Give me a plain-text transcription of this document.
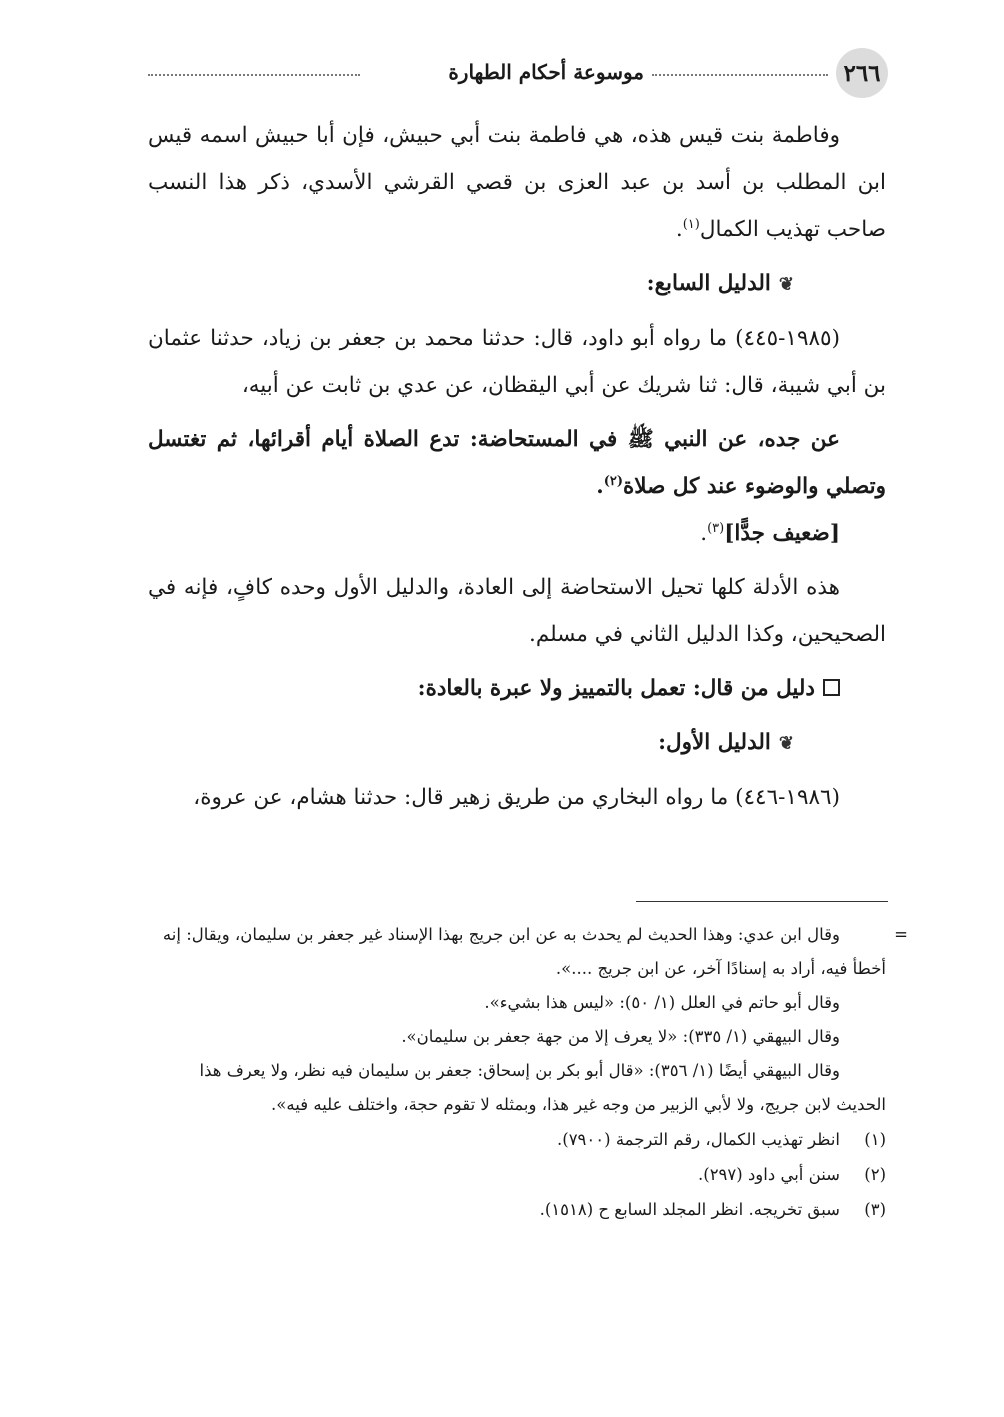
٢٦٦
موسوعة أحكام الطهارة

وفاطمة بنت قيس هذه، هي فاطمة بنت أبي حبيش، فإن أبا حبيش اسمه قيس ابن المطلب بن أسد بن عبد العزى بن قصي القرشي الأسدي، ذكر هذا النسب صاحب تهذيب الكمال$^{(١)}$.

❦الدليل السابع:

(١٩٨٥-٤٤٥) ما رواه أبو داود، قال: حدثنا محمد بن جعفر بن زياد، حدثنا عثمان بن أبي شيبة، قال: ثنا شريك عن أبي اليقظان، عن عدي بن ثابت عن أبيه،

عن جده، عن النبي ﷺ في المستحاضة: تدع الصلاة أيام أقرائها، ثم تغتسل وتصلي والوضوء عند كل صلاة$^{(٢)}$.

[ضعيف جدًّا]$^{(٣)}$.

هذه الأدلة كلها تحيل الاستحاضة إلى العادة، والدليل الأول وحده كافٍ، فإنه في الصحيحين، وكذا الدليل الثاني في مسلم.

دليل من قال: تعمل بالتمييز ولا عبرة بالعادة:

❦الدليل الأول:

(١٩٨٦-٤٤٦) ما رواه البخاري من طريق زهير قال: حدثنا هشام، عن عروة،

=
وقال ابن عدي: وهذا الحديث لم يحدث به عن ابن جريج بهذا الإسناد غير جعفر بن سليمان، ويقال: إنه أخطأ فيه، أراد به إسنادًا آخر، عن ابن جريج ....».

وقال أبو حاتم في العلل (١/ ٥٠): «ليس هذا بشيء».

وقال البيهقي (١/ ٣٣٥): «لا يعرف إلا من جهة جعفر بن سليمان».

وقال البيهقي أيضًا (١/ ٣٥٦): «قال أبو بكر بن إسحاق: جعفر بن سليمان فيه نظر، ولا يعرف هذا الحديث لابن جريج، ولا لأبي الزبير من وجه غير هذا، وبمثله لا تقوم حجة، واختلف عليه فيه».

(١)
انظر تهذيب الكمال، رقم الترجمة (٧٩٠٠).
(٢)
سنن أبي داود (٢٩٧).
(٣)
سبق تخريجه. انظر المجلد السابع ح (١٥١٨).
